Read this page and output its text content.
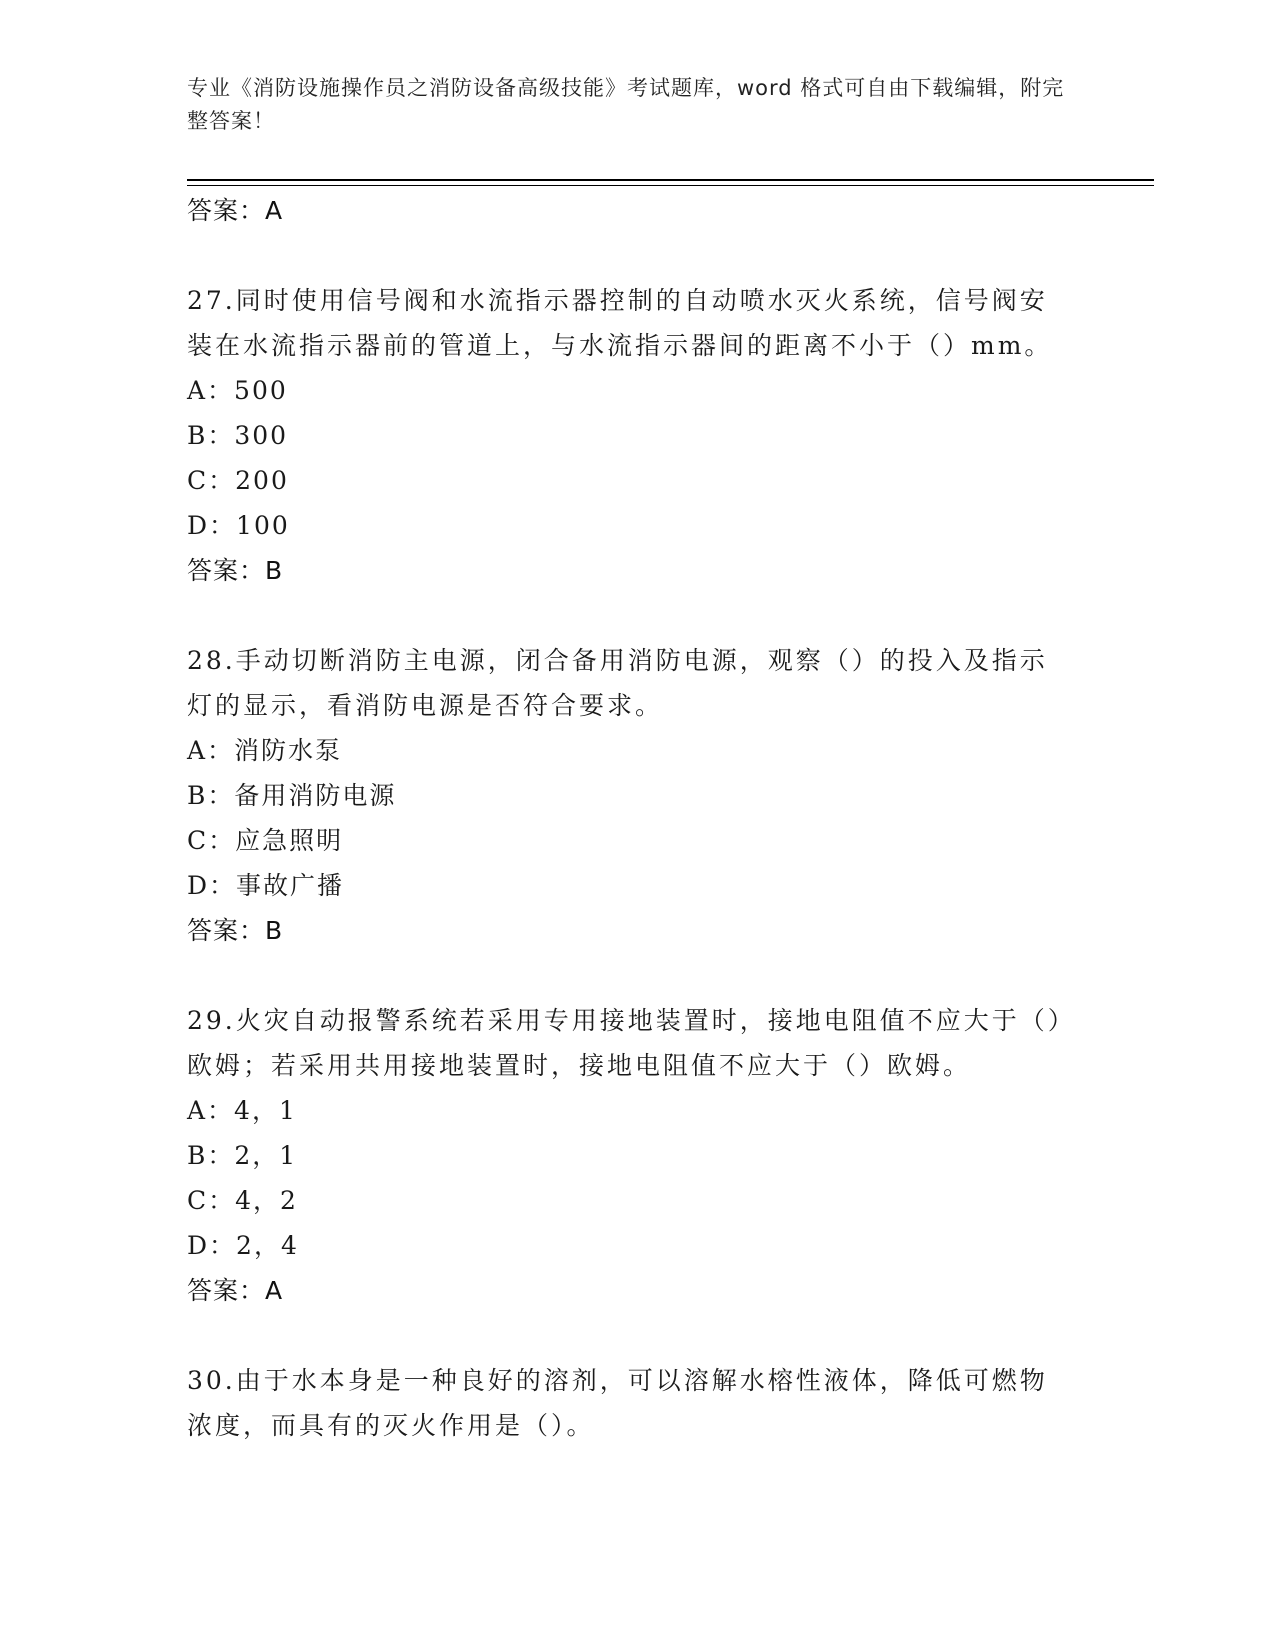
专业《消防设施操作员之消防设备高级技能》考试题库，word 格式可自由下载编辑，附完整答案！
答案：A
27.同时使用信号阀和水流指示器控制的自动喷水灭火系统，信号阀安装在水流指示器前的管道上，与水流指示器间的距离不小于（）mm。
A：500
B：300
C：200
D：100
答案：B
28.手动切断消防主电源，闭合备用消防电源，观察（）的投入及指示灯的显示，看消防电源是否符合要求。
A：消防水泵
B：备用消防电源
C：应急照明
D：事故广播
答案：B
29.火灾自动报警系统若采用专用接地装置时，接地电阻值不应大于（）欧姆；若采用共用接地装置时，接地电阻值不应大于（）欧姆。
A：4，1
B：2，1
C：4，2
D：2，4
答案：A
30.由于水本身是一种良好的溶剂，可以溶解水榕性液体，降低可燃物浓度，而具有的灭火作用是（）。
